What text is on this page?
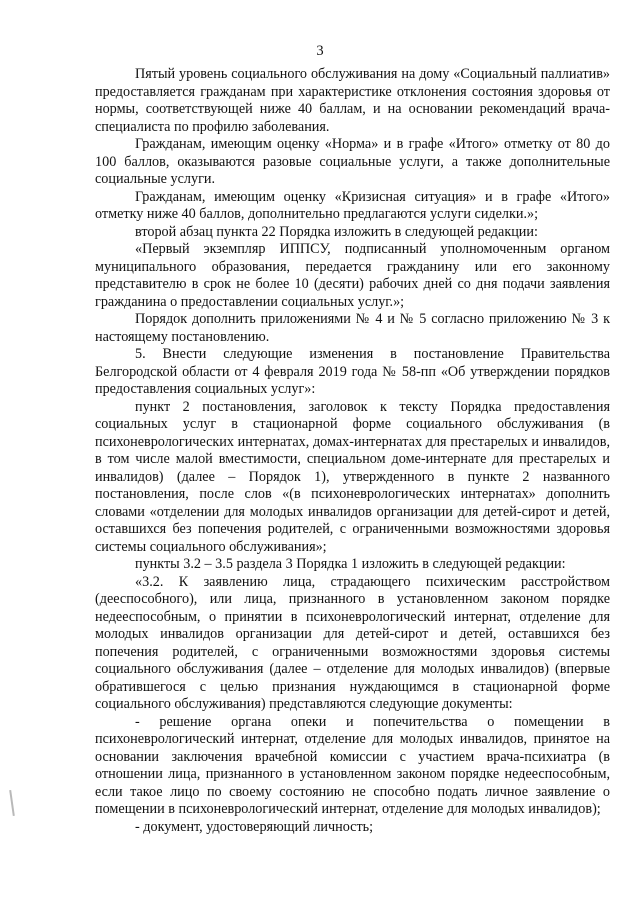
3

Пятый уровень социального обслуживания на дому «Социальный паллиатив» предоставляется гражданам при характеристике отклонения состояния здоровья от нормы, соответствующей ниже 40 баллам, и на основании рекомендаций врача-специалиста по профилю заболевания.

Гражданам, имеющим оценку «Норма» и в графе «Итого» отметку от 80 до 100 баллов, оказываются разовые социальные услуги, а также дополнительные социальные услуги.

Гражданам, имеющим оценку «Кризисная ситуация» и в графе «Итого» отметку ниже 40 баллов, дополнительно предлагаются услуги сиделки.»;

второй абзац пункта 22 Порядка изложить в следующей редакции:

«Первый экземпляр ИППСУ, подписанный уполномоченным органом муниципального образования, передается гражданину или его законному представителю в срок не более 10 (десяти) рабочих дней со дня подачи заявления гражданина о предоставлении социальных услуг.»;

Порядок дополнить приложениями № 4 и № 5 согласно приложению № 3 к настоящему постановлению.

5. Внести следующие изменения в постановление Правительства Белгородской области от 4 февраля 2019 года № 58-пп «Об утверждении порядков предоставления социальных услуг»:

пункт 2 постановления, заголовок к тексту Порядка предоставления социальных услуг в стационарной форме социального обслуживания (в психоневрологических интернатах, домах-интернатах для престарелых и инвалидов, в том числе малой вместимости, специальном доме-интернате для престарелых и инвалидов) (далее – Порядок 1), утвержденного в пункте 2 названного постановления, после слов «(в психоневрологических интернатах» дополнить словами «отделении для молодых инвалидов организации для детей-сирот и детей, оставшихся без попечения родителей, с ограниченными возможностями здоровья системы социального обслуживания»;

пункты 3.2 – 3.5 раздела 3 Порядка 1 изложить в следующей редакции:

«3.2. К заявлению лица, страдающего психическим расстройством (дееспособного), или лица, признанного в установленном законом порядке недееспособным, о принятии в психоневрологический интернат, отделение для молодых инвалидов организации для детей-сирот и детей, оставшихся без попечения родителей, с ограниченными возможностями здоровья системы социального обслуживания (далее – отделение для молодых инвалидов) (впервые обратившегося с целью признания нуждающимся в стационарной форме социального обслуживания) представляются следующие документы:

- решение органа опеки и попечительства о помещении в психоневрологический интернат, отделение для молодых инвалидов, принятое на основании заключения врачебной комиссии с участием врача-психиатра (в отношении лица, признанного в установленном законом порядке недееспособным, если такое лицо по своему состоянию не способно подать личное заявление о помещении в психоневрологический интернат, отделение для молодых инвалидов);

- документ, удостоверяющий личность;
